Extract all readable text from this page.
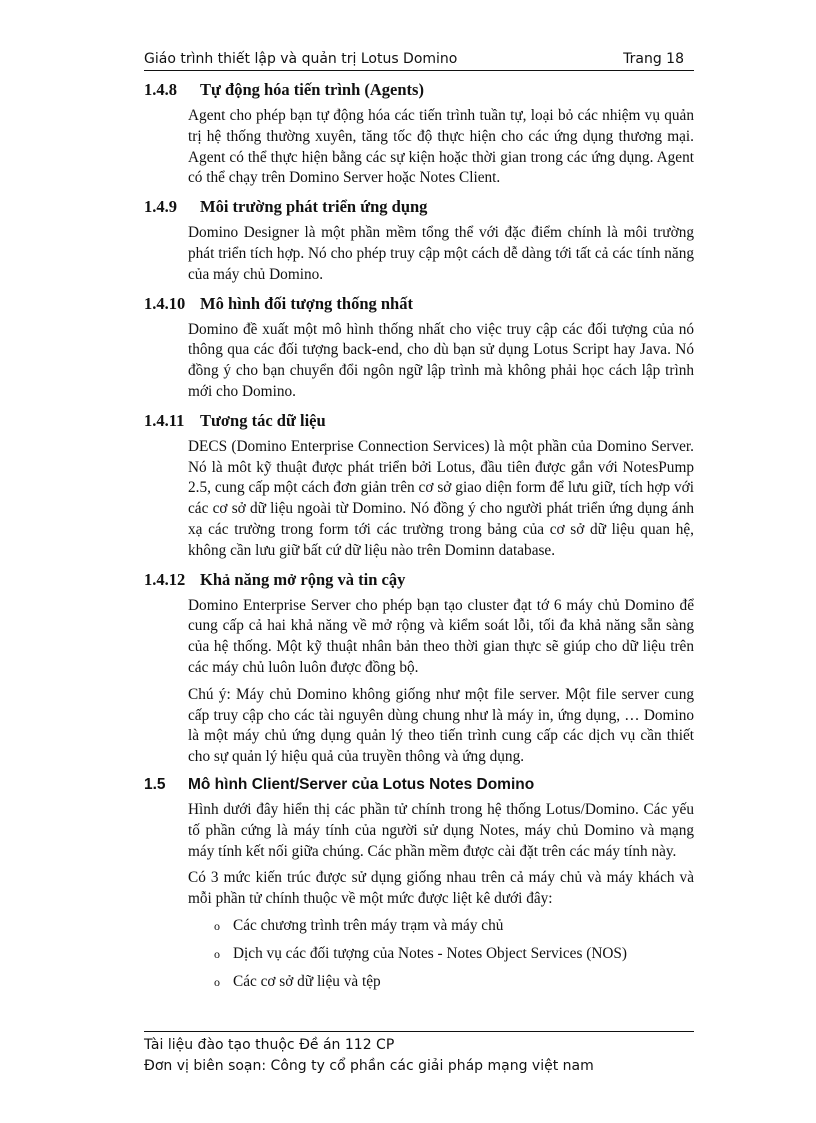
Giáo trình thiết lập và quản trị Lotus Domino	Trang 18
1.4.8 Tự động hóa tiến trình (Agents)

Agent cho phép bạn tự động hóa các tiến trình tuần tự, loại bỏ các nhiệm vụ quản trị hệ thống thường xuyên, tăng tốc độ thực hiện cho các ứng dụng thương mại. Agent có thể thực hiện bằng các sự kiện hoặc thời gian trong các ứng dụng. Agent có thể chạy trên Domino Server hoặc Notes Client.

1.4.9 Môi trường phát triển ứng dụng

Domino Designer là một phần mềm tổng thể với đặc điểm chính là môi trường phát triển tích hợp. Nó cho phép truy cập một cách dễ dàng tới tất cả các tính năng của máy chủ Domino.

1.4.10 Mô hình đối tượng thống nhất

Domino đề xuất một mô hình thống nhất cho việc truy cập các đối tượng của nó thông qua các đối tượng back-end, cho dù bạn sử dụng Lotus Script hay Java. Nó đồng ý cho bạn chuyển đổi ngôn ngữ lập trình mà không phải học cách lập trình mới cho Domino.

1.4.11 Tương tác dữ liệu

DECS (Domino Enterprise Connection Services) là một phần của Domino Server. Nó là môt kỹ thuật được phát triển bởi Lotus, đầu tiên được gắn với NotesPump 2.5, cung cấp một cách đơn giản trên cơ sở giao diện form để lưu giữ, tích hợp với các cơ sở dữ liệu ngoài từ Domino. Nó đồng ý cho người phát triển ứng dụng ánh xạ các trường trong form tới các trường trong bảng của cơ sở dữ liệu quan hệ, không cần lưu giữ bất cứ dữ liệu nào trên Dominn database.

1.4.12 Khả năng mở rộng và tin cậy

Domino Enterprise Server cho phép bạn tạo cluster đạt tớ 6 máy chủ Domino để cung cấp cả hai khả năng về mở rộng và kiểm soát lỗi, tối đa khả năng sẵn sàng của hệ thống. Một kỹ thuật nhân bản theo thời gian thực sẽ giúp cho dữ liệu trên các máy chủ luôn luôn được đồng bộ.

Chú ý: Máy chủ Domino không giống như một file server. Một file server cung cấp truy cập cho các tài nguyên dùng chung như là máy in, ứng dụng, … Domino là một máy chủ ứng dụng quản lý theo tiến trình cung cấp các dịch vụ cần thiết cho sự quản lý hiệu quả của truyền thông và ứng dụng.

1.5 Mô hình Client/Server của Lotus Notes Domino

Hình dưới đây hiển thị các phần tử chính trong hệ thống Lotus/Domino. Các yếu tố phần cứng là máy tính của người sử dụng Notes, máy chủ Domino và mạng máy tính kết nối giữa chúng. Các phần mềm được cài đặt trên các máy tính này.

Có 3 mức kiến trúc được sử dụng giống nhau trên cả máy chủ và máy khách và mỗi phần tử chính thuộc về một mức được liệt kê dưới đây:

o Các chương trình trên máy trạm và máy chủ
o Dịch vụ các đối tượng của Notes - Notes Object Services (NOS)
o Các cơ sở dữ liệu và tệp
Tài liệu đào tạo thuộc Đề án 112 CP
Đơn vị biên soạn: Công ty cổ phần các giải pháp mạng việt nam
